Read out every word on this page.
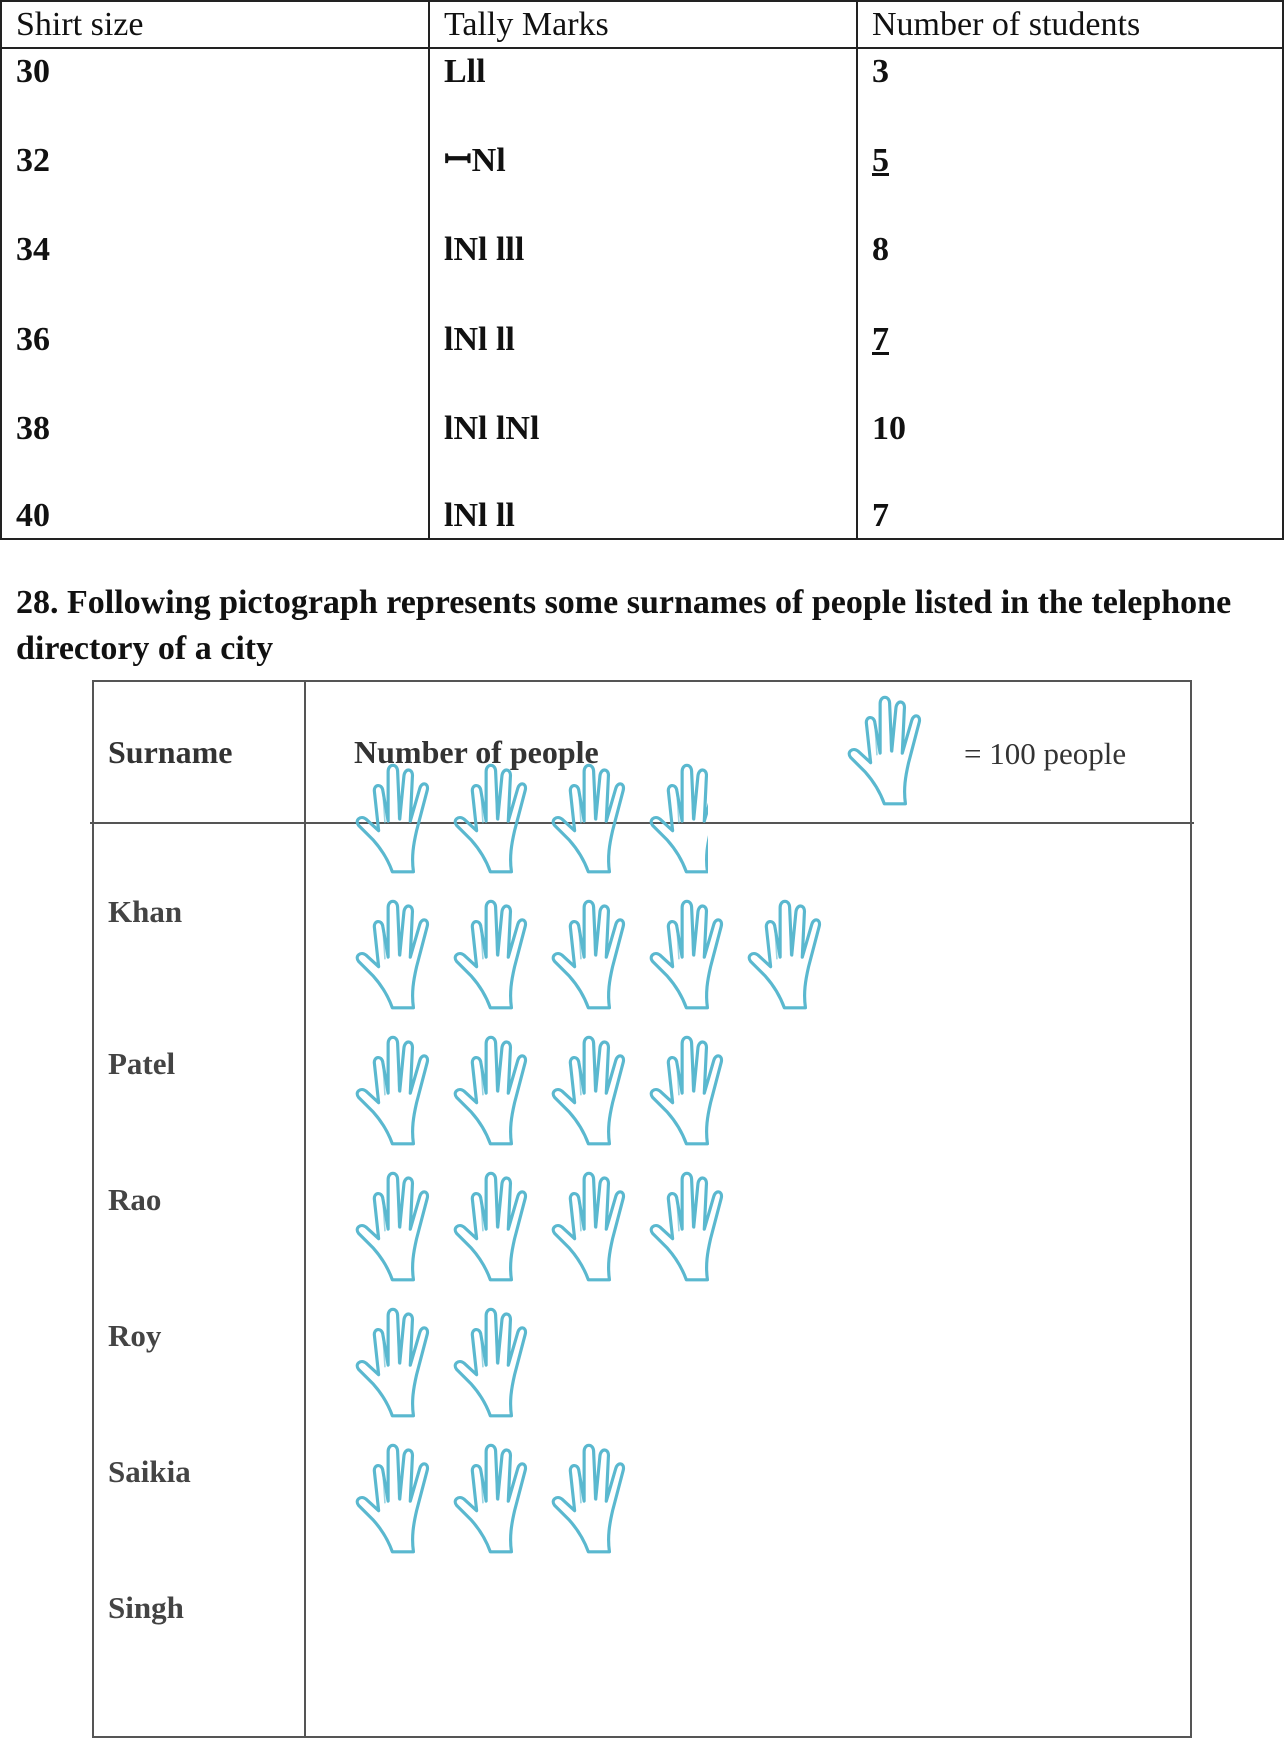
Shirt size	Tally Marks	Number of students
30	Lll	3
32	ꟷNl	5
34	lNl lll	8
36	lNl ll	7
38	lNl lNl	10
40	lNl ll	7
28. Following pictograph represents some surnames of people listed in the telephone directory of a city
Surname	Number of people	= 100 people
Khan
Patel
Rao
Roy
Saikia
Singh
